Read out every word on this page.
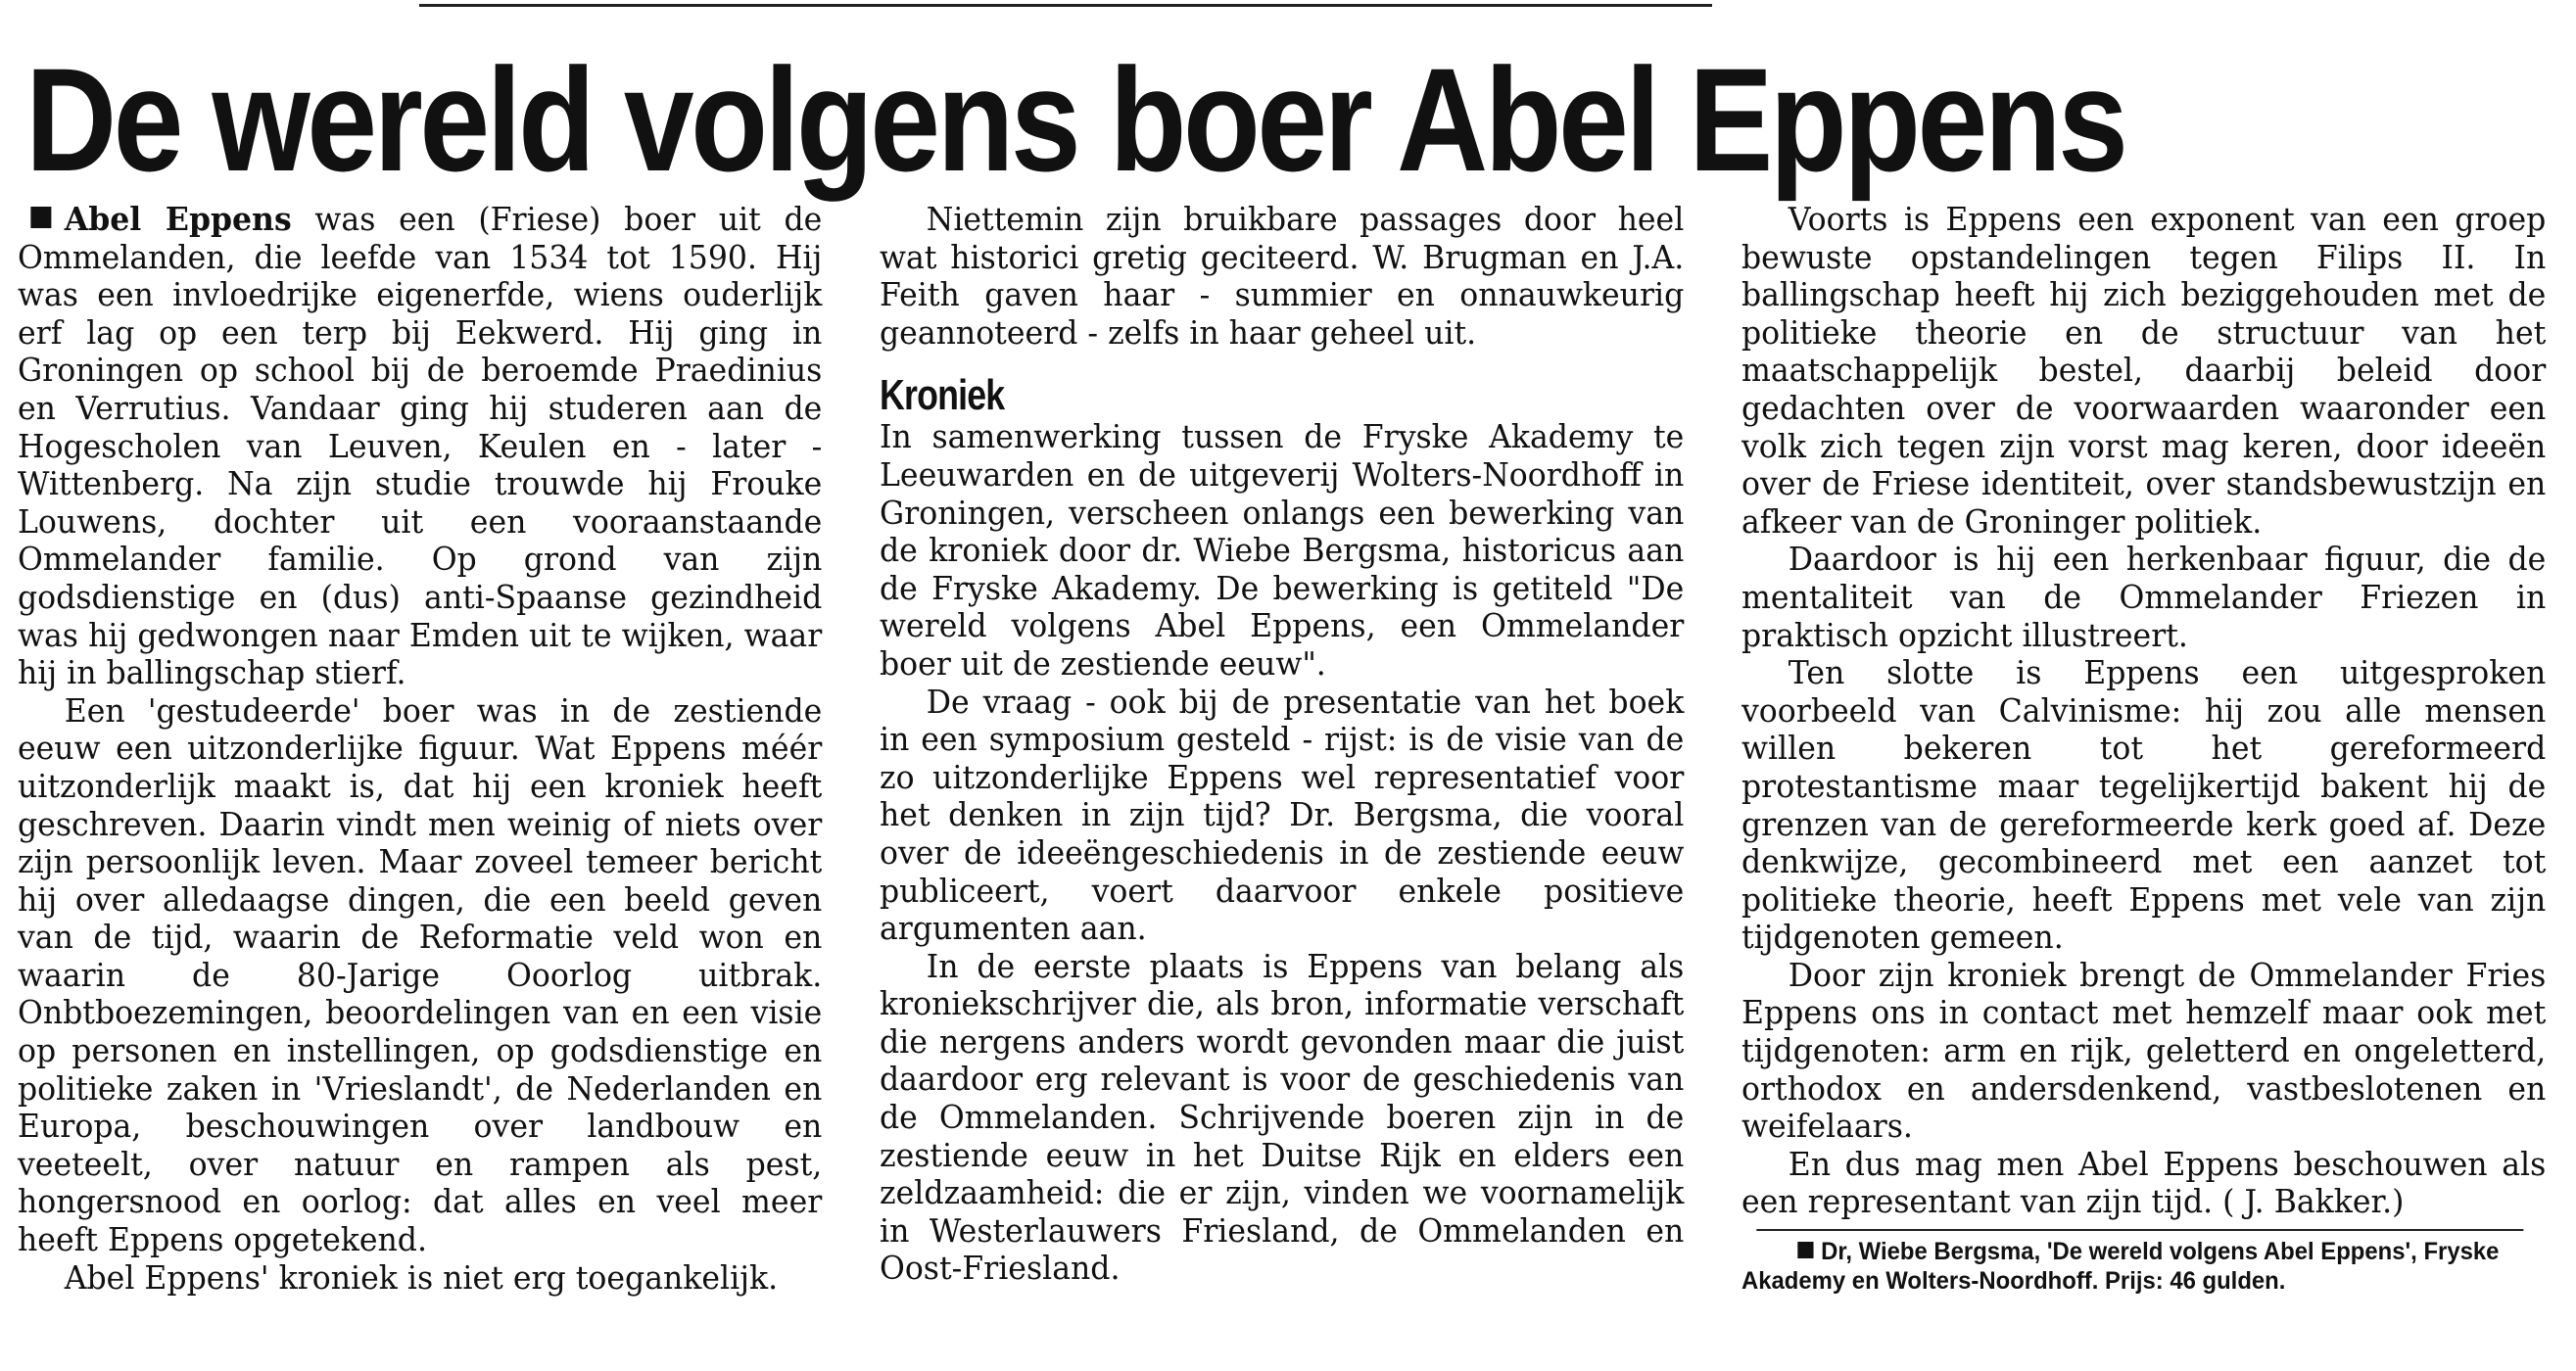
De wereld volgens boer Abel Eppens

Abel Eppens was een (Friese) boer uit de Ommelanden, die leefde van 1534 tot 1590. Hij was een invloedrijke eigenerfde, wiens ouderlijk erf lag op een terp bij Eekwerd. Hij ging in Groningen op school bij de beroemde Praedinius en Verrutius. Vandaar ging hij studeren aan de Hogescholen van Leuven, Keulen en - later - Wittenberg. Na zijn studie trouwde hij Frouke Louwens, dochter uit een vooraanstaande Ommelander familie. Op grond van zijn godsdienstige en (dus) anti-Spaanse gezindheid was hij gedwongen naar Emden uit te wijken, waar hij in ballingschap stierf.

Een 'gestudeerde' boer was in de zestiende eeuw een uitzonderlijke figuur. Wat Eppens méér uitzonderlijk maakt is, dat hij een kroniek heeft geschreven. Daarin vindt men weinig of niets over zijn persoonlijk leven. Maar zoveel temeer bericht hij over alledaagse dingen, die een beeld geven van de tijd, waarin de Reformatie veld won en waarin de 80-Jarige Ooorlog uitbrak. Onbtboezemingen, beoordelingen van en een visie op personen en instellingen, op godsdienstige en politieke zaken in 'Vrieslandt', de Nederlanden en Europa, beschouwingen over landbouw en veeteelt, over natuur en rampen als pest, hongersnood en oorlog: dat alles en veel meer heeft Eppens opgetekend.

Abel Eppens' kroniek is niet erg toegankelijk.

Niettemin zijn bruikbare passages door heel wat historici gretig geciteerd. W. Brugman en J.A. Feith gaven haar - summier en onnauwkeurig geannoteerd - zelfs in haar geheel uit.

Kroniek

In samenwerking tussen de Fryske Akademy te Leeuwarden en de uitgeverij Wolters-Noordhoff in Groningen, verscheen onlangs een bewerking van de kroniek door dr. Wiebe Bergsma, historicus aan de Fryske Akademy. De bewerking is getiteld "De wereld volgens Abel Eppens, een Ommelander boer uit de zestiende eeuw".

De vraag - ook bij de presentatie van het boek in een symposium gesteld - rijst: is de visie van de zo uitzonderlijke Eppens wel representatief voor het denken in zijn tijd? Dr. Bergsma, die vooral over de ideeëngeschiedenis in de zestiende eeuw publiceert, voert daarvoor enkele positieve argumenten aan.

In de eerste plaats is Eppens van belang als kroniekschrijver die, als bron, informatie verschaft die nergens anders wordt gevonden maar die juist daardoor erg relevant is voor de geschiedenis van de Ommelanden. Schrijvende boeren zijn in de zestiende eeuw in het Duitse Rijk en elders een zeldzaamheid: die er zijn, vinden we voornamelijk in Westerlauwers Friesland, de Ommelanden en Oost-Friesland.

Voorts is Eppens een exponent van een groep bewuste opstandelingen tegen Filips II. In ballingschap heeft hij zich beziggehouden met de politieke theorie en de structuur van het maatschappelijk bestel, daarbij beleid door gedachten over de voorwaarden waaronder een volk zich tegen zijn vorst mag keren, door ideeën over de Friese identiteit, over standsbewustzijn en afkeer van de Groninger politiek.

Daardoor is hij een herkenbaar figuur, die de mentaliteit van de Ommelander Friezen in praktisch opzicht illustreert.

Ten slotte is Eppens een uitgesproken voorbeeld van Calvinisme: hij zou alle mensen willen bekeren tot het gereformeerd protestantisme maar tegelijkertijd bakent hij de grenzen van de gereformeerde kerk goed af. Deze denkwijze, gecombineerd met een aanzet tot politieke theorie, heeft Eppens met vele van zijn tijdgenoten gemeen.

Door zijn kroniek brengt de Ommelander Fries Eppens ons in contact met hemzelf maar ook met tijdgenoten: arm en rijk, geletterd en ongeletterd, orthodox en andersdenkend, vastbeslotenen en weifelaars.

En dus mag men Abel Eppens beschouwen als een representant van zijn tijd. ( J. Bakker.)

Dr, Wiebe Bergsma, 'De wereld volgens Abel Eppens', Fryske Akademy en Wolters-Noordhoff. Prijs: 46 gulden.
